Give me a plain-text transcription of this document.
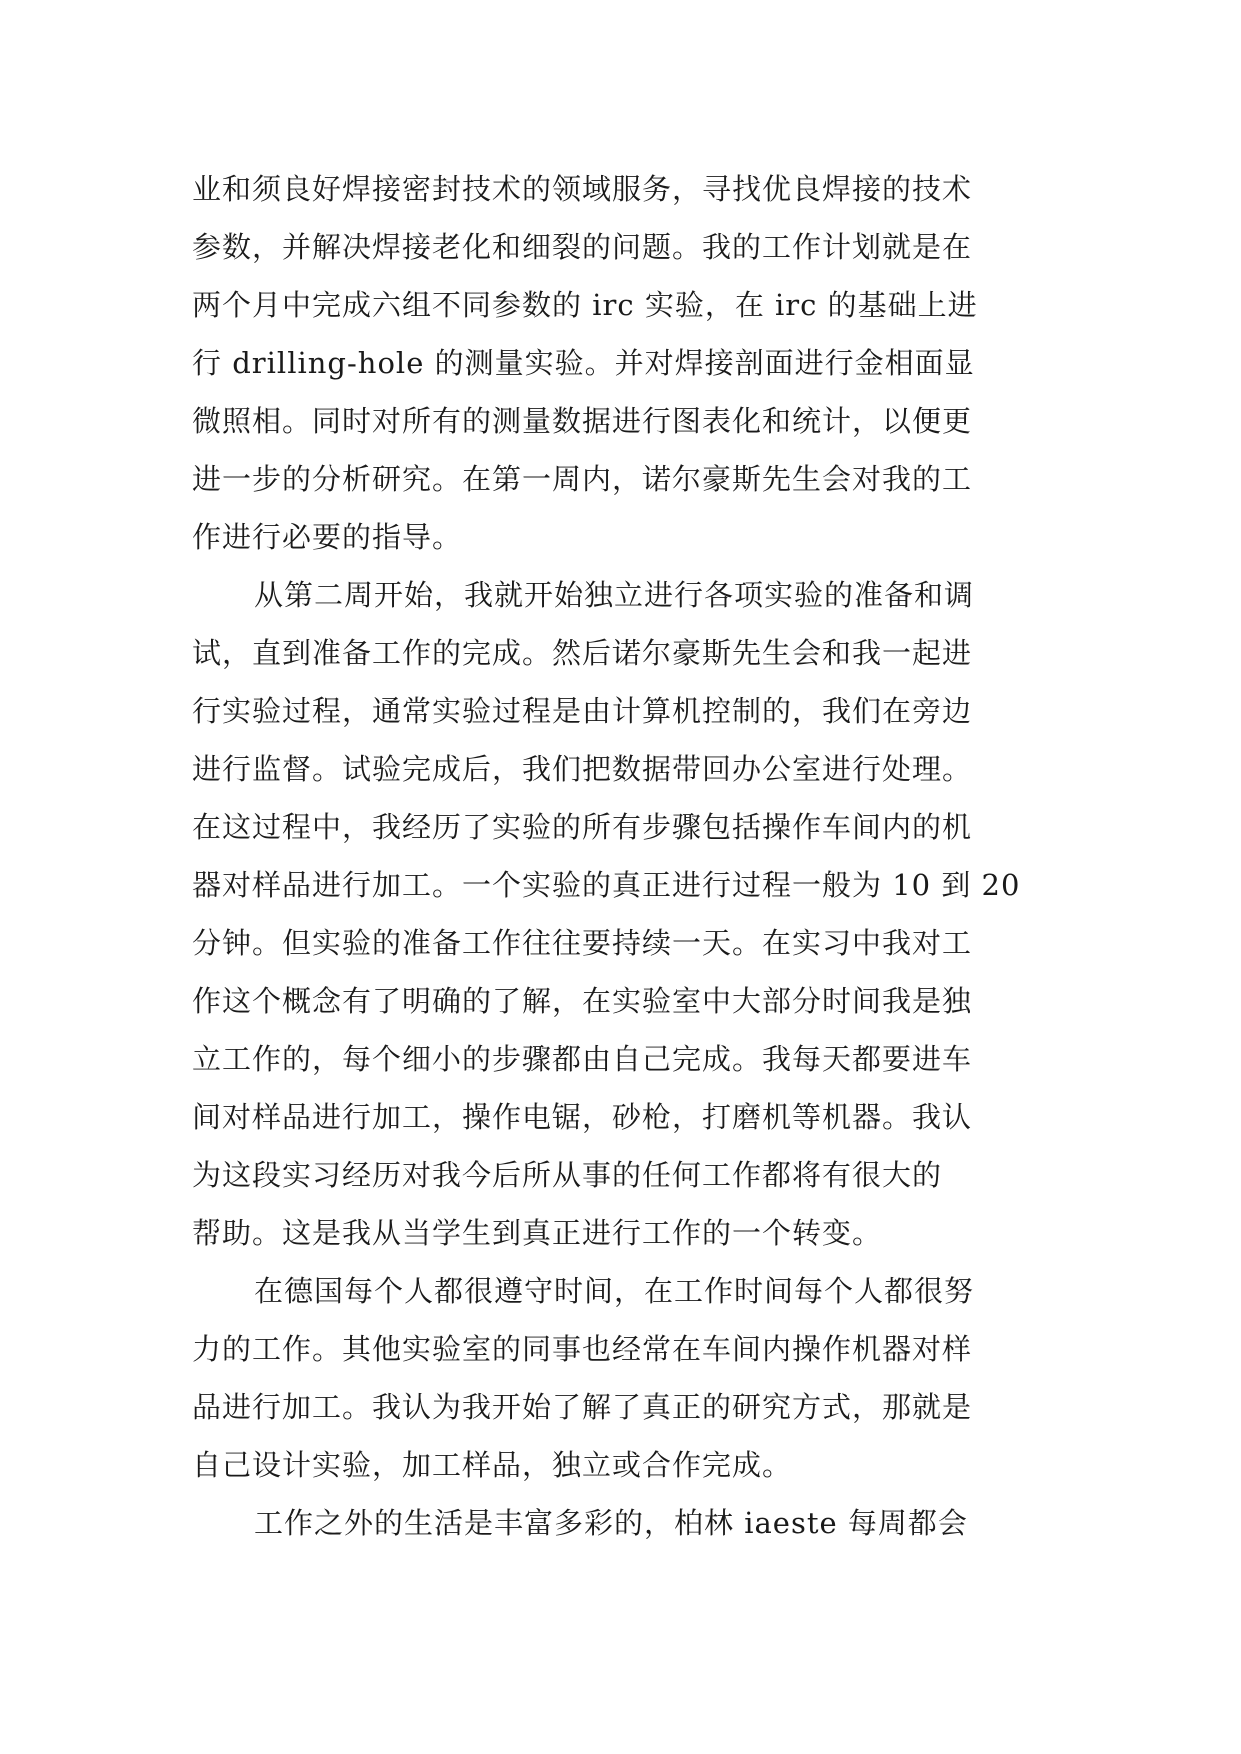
业和须良好焊接密封技术的领域服务，寻找优良焊接的技术
参数，并解决焊接老化和细裂的问题。我的工作计划就是在
两个月中完成六组不同参数的 irc 实验，在 irc 的基础上进
行 drilling-hole 的测量实验。并对焊接剖面进行金相面显
微照相。同时对所有的测量数据进行图表化和统计，以便更
进一步的分析研究。在第一周内，诺尔豪斯先生会对我的工
作进行必要的指导。
从第二周开始，我就开始独立进行各项实验的准备和调
试，直到准备工作的完成。然后诺尔豪斯先生会和我一起进
行实验过程，通常实验过程是由计算机控制的，我们在旁边
进行监督。试验完成后，我们把数据带回办公室进行处理。
在这过程中，我经历了实验的所有步骤包括操作车间内的机
器对样品进行加工。一个实验的真正进行过程一般为 10 到 20
分钟。但实验的准备工作往往要持续一天。在实习中我对工
作这个概念有了明确的了解，在实验室中大部分时间我是独
立工作的，每个细小的步骤都由自己完成。我每天都要进车
间对样品进行加工，操作电锯，砂枪，打磨机等机器。我认
为这段实习经历对我今后所从事的任何工作都将有很大的
帮助。这是我从当学生到真正进行工作的一个转变。
在德国每个人都很遵守时间，在工作时间每个人都很努
力的工作。其他实验室的同事也经常在车间内操作机器对样
品进行加工。我认为我开始了解了真正的研究方式，那就是
自己设计实验，加工样品，独立或合作完成。
工作之外的生活是丰富多彩的，柏林 iaeste 每周都会
